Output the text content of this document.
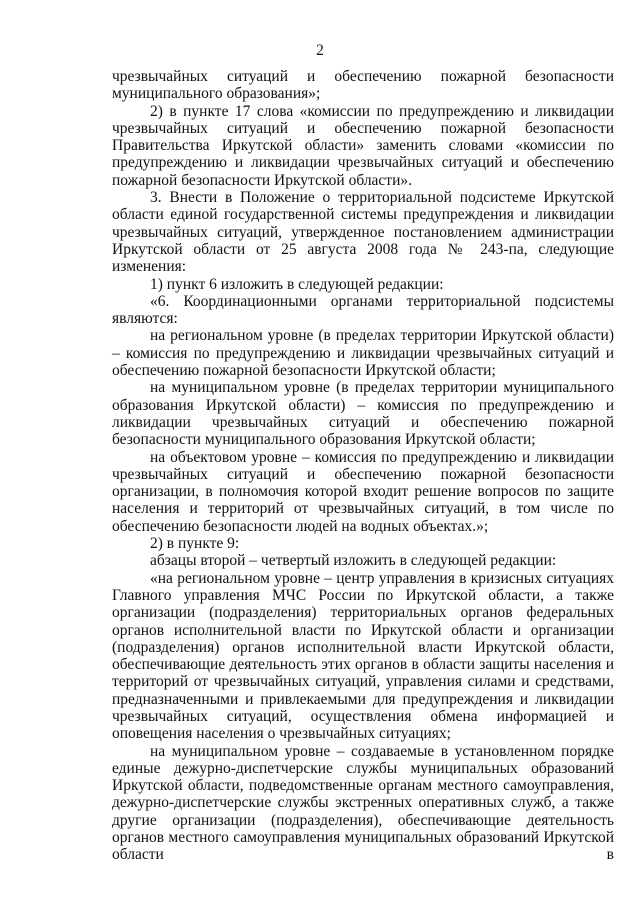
2

чрезвычайных ситуаций и обеспечению пожарной безопасности муниципального образования»;

2) в пункте 17 слова «комиссии по предупреждению и ликвидации чрезвычайных ситуаций и обеспечению пожарной безопасности Правительства Иркутской области» заменить словами «комиссии по предупреждению и ликвидации чрезвычайных ситуаций и обеспечению пожарной безопасности Иркутской области».

3. Внести в Положение о территориальной подсистеме Иркутской области единой государственной системы предупреждения и ликвидации чрезвычайных ситуаций, утвержденное постановлением администрации Иркутской области от 25 августа 2008 года № 243-па, следующие изменения:

1) пункт 6 изложить в следующей редакции:

«6. Координационными органами территориальной подсистемы являются:

на региональном уровне (в пределах территории Иркутской области) – комиссия по предупреждению и ликвидации чрезвычайных ситуаций и обеспечению пожарной безопасности Иркутской области;

на муниципальном уровне (в пределах территории муниципального образования Иркутской области) – комиссия по предупреждению и ликвидации чрезвычайных ситуаций и обеспечению пожарной безопасности муниципального образования Иркутской области;

на объектовом уровне – комиссия по предупреждению и ликвидации чрезвычайных ситуаций и обеспечению пожарной безопасности организации, в полномочия которой входит решение вопросов по защите населения и территорий от чрезвычайных ситуаций, в том числе по обеспечению безопасности людей на водных объектах.»;

2) в пункте 9:

абзацы второй – четвертый изложить в следующей редакции:

«на региональном уровне – центр управления в кризисных ситуациях Главного управления МЧС России по Иркутской области, а также организации (подразделения) территориальных органов федеральных органов исполнительной власти по Иркутской области и организации (подразделения) органов исполнительной власти Иркутской области, обеспечивающие деятельность этих органов в области защиты населения и территорий от чрезвычайных ситуаций, управления силами и средствами, предназначенными и привлекаемыми для предупреждения и ликвидации чрезвычайных ситуаций, осуществления обмена информацией и оповещения населения о чрезвычайных ситуациях;

на муниципальном уровне – создаваемые в установленном порядке единые дежурно-диспетчерские службы муниципальных образований Иркутской области, подведомственные органам местного самоуправления, дежурно-диспетчерские службы экстренных оперативных служб, а также другие организации (подразделения), обеспечивающие деятельность органов местного самоуправления муниципальных образований Иркутской области в
